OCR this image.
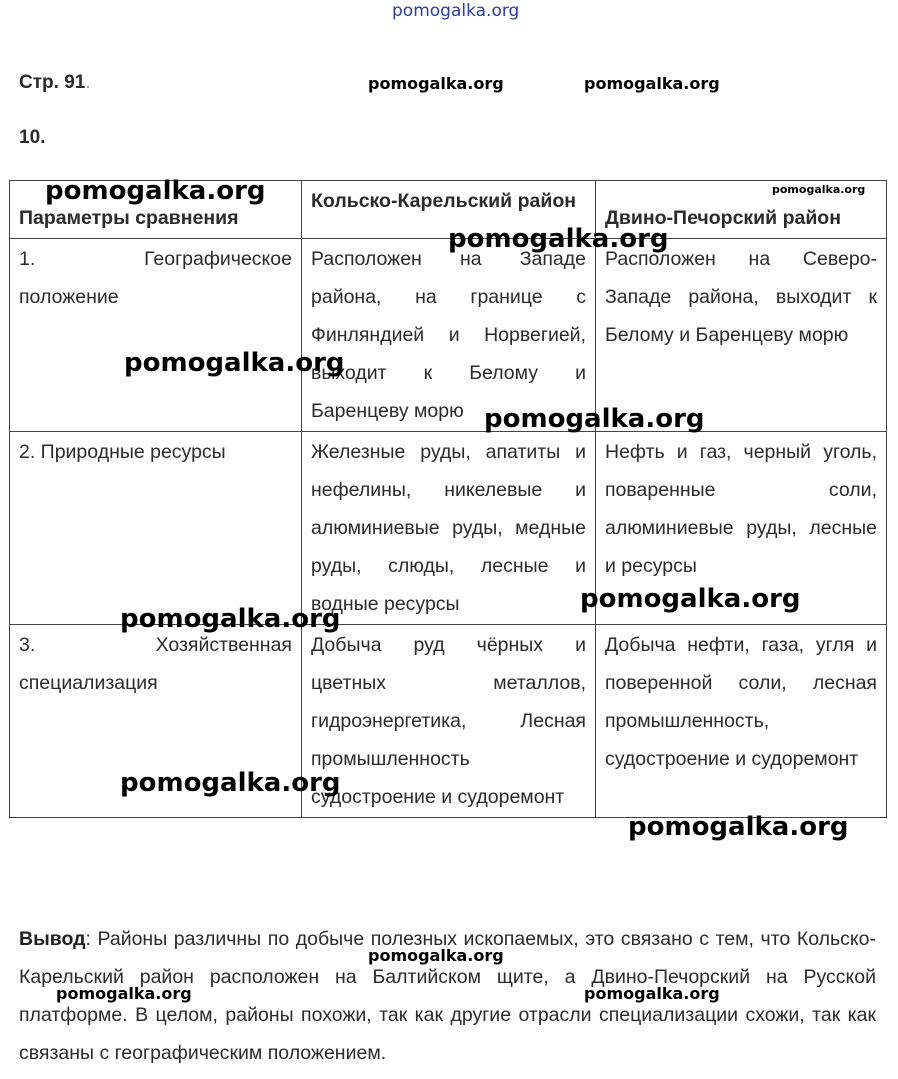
pomogalka.org
Стр. 91.
10.
Параметры сравнения	Кольско-Карельский район	Двино-Печорский район
1. Географическое положение	Расположен на Западе района, на границе с Финляндией и Норвегией, выходит к Белому и Баренцеву морю	Расположен на Северо-Западе района, выходит к Белому и Баренцеву морю
2. Природные ресурсы	Железные руды, апатиты и нефелины, никелевые и алюминиевые руды, медные руды, слюды, лесные и водные ресурсы	Нефть и газ, черный уголь, поваренные соли, алюминиевые руды, лесные и ресурсы
3. Хозяйственная специализация	Добыча руд чёрных и цветных металлов, гидроэнергетика, Лесная промышленность судостроение и судоремонт	Добыча нефти, газа, угля и поверенной соли, лесная промышленность, судостроение и судоремонт
Вывод: Районы различны по добыче полезных ископаемых, это связано с тем, что Кольско-Карельский район расположен на Балтийском щите, а Двино-Печорский на Русской платформе. В целом, районы похожи, так как другие отрасли специализации схожи, так как связаны с географическим положением.
pomogalka.org	pomogalka.org
pomogalka.org	pomogalka.org
pomogalka.org
pomogalka.org
pomogalka.org
pomogalka.org
pomogalka.org
pomogalka.org
pomogalka.org
pomogalka.org
pomogalka.org	pomogalka.org
